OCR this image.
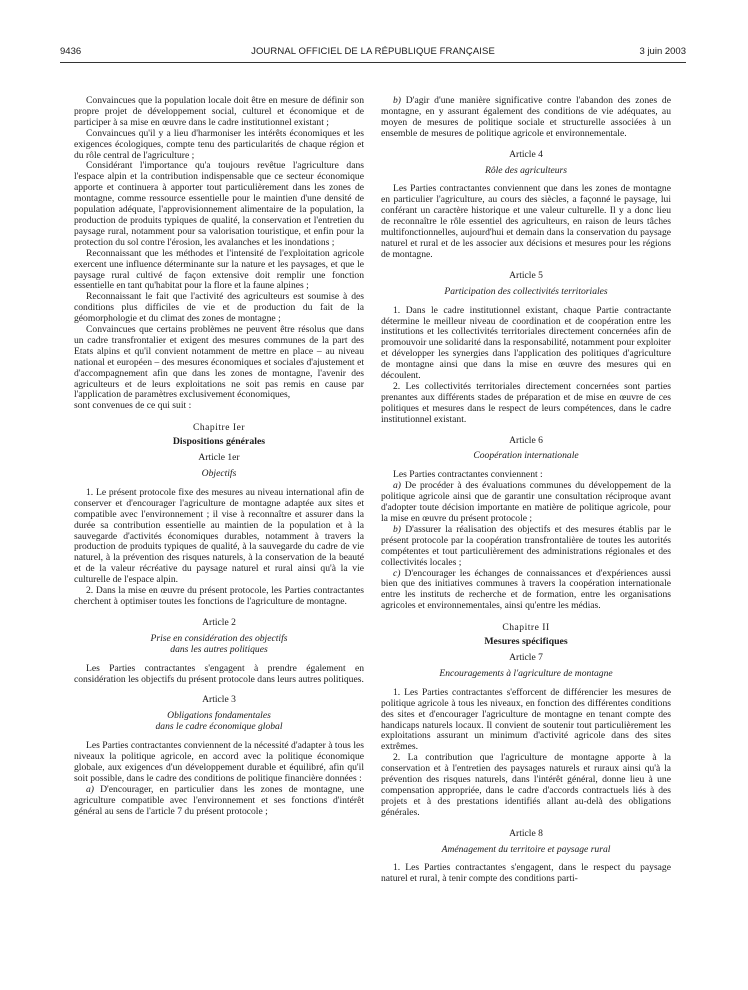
9436	JOURNAL OFFICIEL DE LA RÉPUBLIQUE FRANÇAISE	3 juin 2003

Convaincues que la population locale doit être en mesure de définir son propre projet de développement social, culturel et économique et de participer à sa mise en œuvre dans le cadre institutionnel existant ;

Convaincues qu'il y a lieu d'harmoniser les intérêts économiques et les exigences écologiques, compte tenu des particularités de chaque région et du rôle central de l'agriculture ;

Considérant l'importance qu'a toujours revêtue l'agriculture dans l'espace alpin et la contribution indispensable que ce secteur économique apporte et continuera à apporter tout particulièrement dans les zones de montagne, comme ressource essentielle pour le maintien d'une densité de population adéquate, l'approvisionnement alimentaire de la population, la production de produits typiques de qualité, la conservation et l'entretien du paysage rural, notamment pour sa valorisation touristique, et enfin pour la protection du sol contre l'érosion, les avalanches et les inondations ;

Reconnaissant que les méthodes et l'intensité de l'exploitation agricole exercent une influence déterminante sur la nature et les paysages, et que le paysage rural cultivé de façon extensive doit remplir une fonction essentielle en tant qu'habitat pour la flore et la faune alpines ;

Reconnaissant le fait que l'activité des agriculteurs est soumise à des conditions plus difficiles de vie et de production du fait de la géomorphologie et du climat des zones de montagne ;

Convaincues que certains problèmes ne peuvent être résolus que dans un cadre transfrontalier et exigent des mesures communes de la part des Etats alpins et qu'il convient notamment de mettre en place – au niveau national et européen – des mesures économiques et sociales d'ajustement et d'accompagnement afin que dans les zones de montagne, l'avenir des agriculteurs et de leurs exploitations ne soit pas remis en cause par l'application de paramètres exclusivement économiques,

sont convenues de ce qui suit :

Chapitre Ier
Dispositions générales
Article 1er
Objectifs

1. Le présent protocole fixe des mesures au niveau international afin de conserver et d'encourager l'agriculture de montagne adaptée aux sites et compatible avec l'environnement ; il vise à reconnaître et assurer dans la durée sa contribution essentielle au maintien de la population et à la sauvegarde d'activités économiques durables, notamment à travers la production de produits typiques de qualité, à la sauvegarde du cadre de vie naturel, à la prévention des risques naturels, à la conservation de la beauté et de la valeur récréative du paysage naturel et rural ainsi qu'à la vie culturelle de l'espace alpin.

2. Dans la mise en œuvre du présent protocole, les Parties contractantes cherchent à optimiser toutes les fonctions de l'agriculture de montagne.

Article 2
Prise en considération des objectifs
dans les autres politiques

Les Parties contractantes s'engagent à prendre également en considération les objectifs du présent protocole dans leurs autres politiques.

Article 3
Obligations fondamentales
dans le cadre économique global

Les Parties contractantes conviennent de la nécessité d'adapter à tous les niveaux la politique agricole, en accord avec la politique économique globale, aux exigences d'un développement durable et équilibré, afin qu'il soit possible, dans le cadre des conditions de politique financière données :

a) D'encourager, en particulier dans les zones de montagne, une agriculture compatible avec l'environnement et ses fonctions d'intérêt général au sens de l'article 7 du présent protocole ;

b) D'agir d'une manière significative contre l'abandon des zones de montagne, en y assurant également des conditions de vie adéquates, au moyen de mesures de politique sociale et structurelle associées à un ensemble de mesures de politique agricole et environnementale.

Article 4
Rôle des agriculteurs

Les Parties contractantes conviennent que dans les zones de montagne en particulier l'agriculture, au cours des siècles, a façonné le paysage, lui conférant un caractère historique et une valeur culturelle. Il y a donc lieu de reconnaître le rôle essentiel des agriculteurs, en raison de leurs tâches multifonctionnelles, aujourd'hui et demain dans la conservation du paysage naturel et rural et de les associer aux décisions et mesures pour les régions de montagne.

Article 5
Participation des collectivités territoriales

1. Dans le cadre institutionnel existant, chaque Partie contractante détermine le meilleur niveau de coordination et de coopération entre les institutions et les collectivités territoriales directement concernées afin de promouvoir une solidarité dans la responsabilité, notamment pour exploiter et développer les synergies dans l'application des politiques d'agriculture de montagne ainsi que dans la mise en œuvre des mesures qui en découlent.

2. Les collectivités territoriales directement concernées sont parties prenantes aux différents stades de préparation et de mise en œuvre de ces politiques et mesures dans le respect de leurs compétences, dans le cadre institutionnel existant.

Article 6
Coopération internationale

Les Parties contractantes conviennent :

a) De procéder à des évaluations communes du développement de la politique agricole ainsi que de garantir une consultation réciproque avant d'adopter toute décision importante en matière de politique agricole, pour la mise en œuvre du présent protocole ;

b) D'assurer la réalisation des objectifs et des mesures établis par le présent protocole par la coopération transfrontalière de toutes les autorités compétentes et tout particulièrement des administrations régionales et des collectivités locales ;

c) D'encourager les échanges de connaissances et d'expériences aussi bien que des initiatives communes à travers la coopération internationale entre les instituts de recherche et de formation, entre les organisations agricoles et environnementales, ainsi qu'entre les médias.

Chapitre II
Mesures spécifiques
Article 7
Encouragements à l'agriculture de montagne

1. Les Parties contractantes s'efforcent de différencier les mesures de politique agricole à tous les niveaux, en fonction des différentes conditions des sites et d'encourager l'agriculture de montagne en tenant compte des handicaps naturels locaux. Il convient de soutenir tout particulièrement les exploitations assurant un minimum d'activité agricole dans des sites extrêmes.

2. La contribution que l'agriculture de montagne apporte à la conservation et à l'entretien des paysages naturels et ruraux ainsi qu'à la prévention des risques naturels, dans l'intérêt général, donne lieu à une compensation appropriée, dans le cadre d'accords contractuels liés à des projets et à des prestations identifiés allant au-delà des obligations générales.

Article 8
Aménagement du territoire et paysage rural

1. Les Parties contractantes s'engagent, dans le respect du paysage naturel et rural, à tenir compte des conditions parti-
